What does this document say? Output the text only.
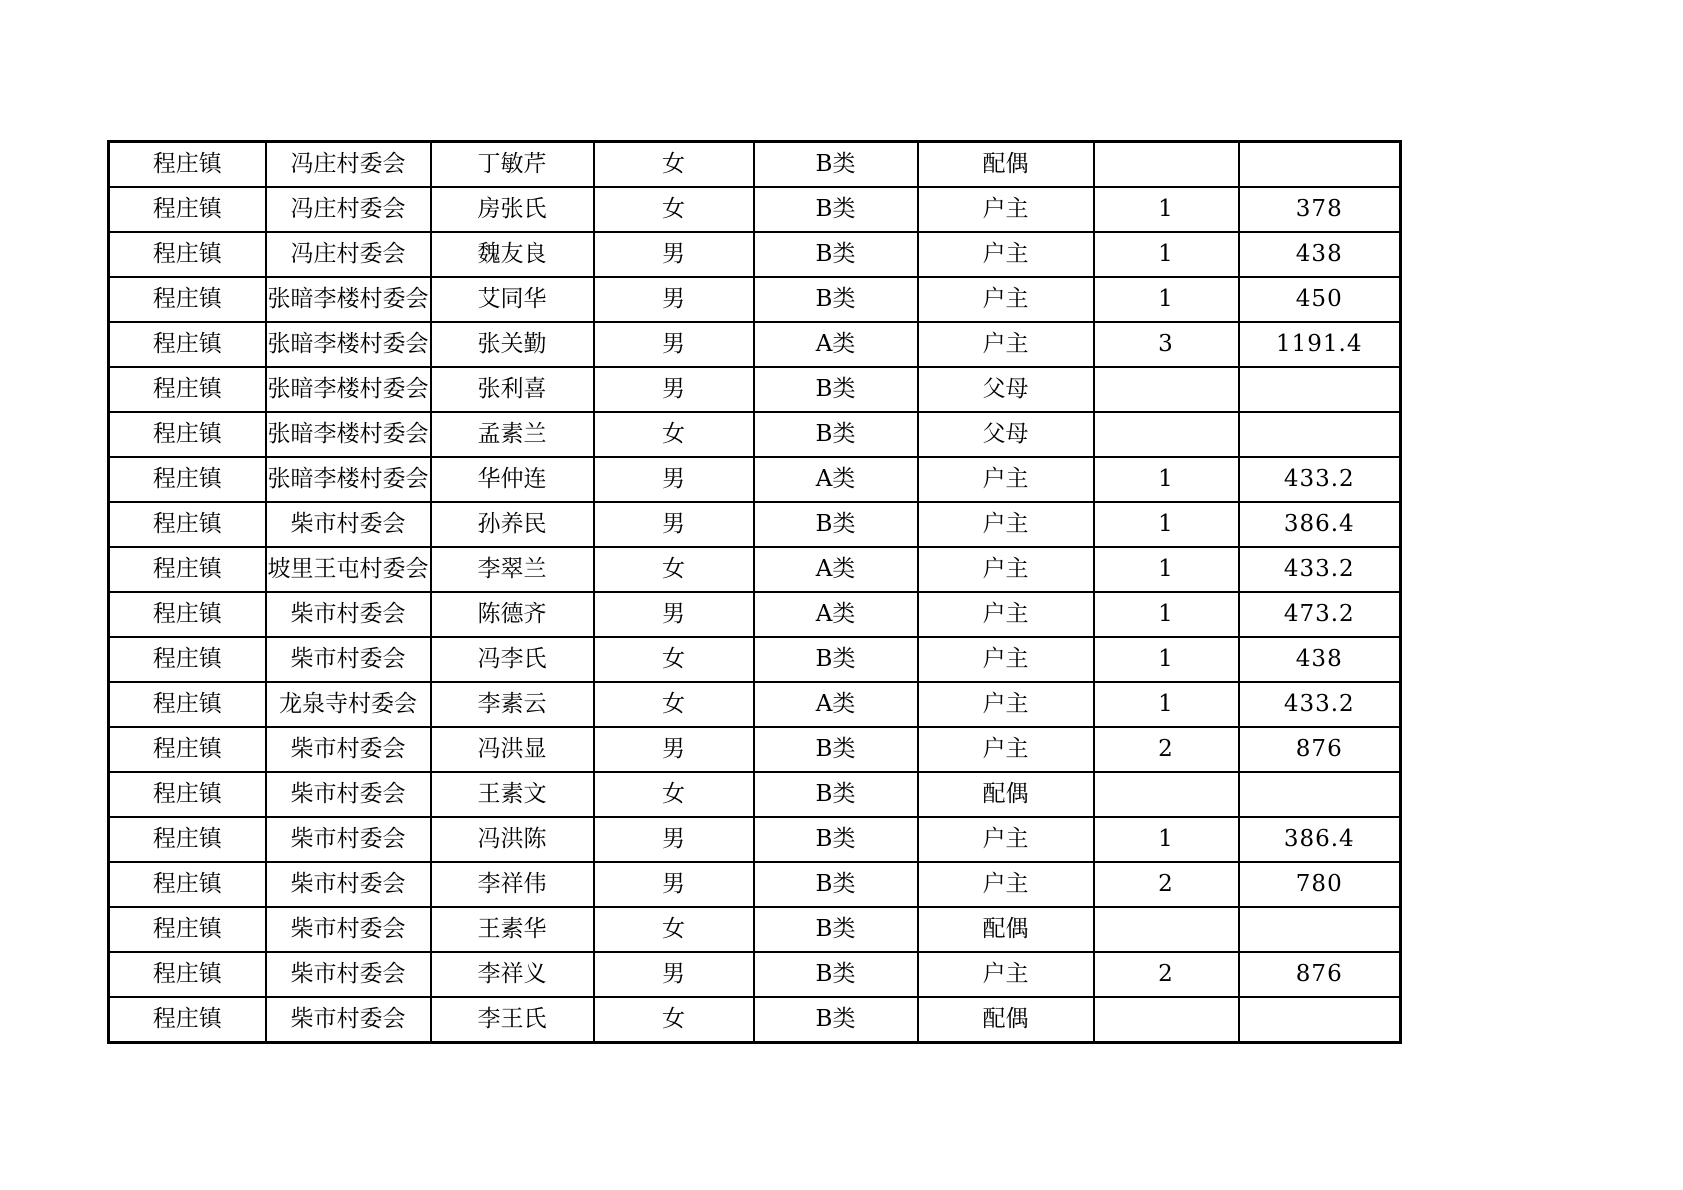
程庄镇	冯庄村委会	丁敏芹	女	B类	配偶		
程庄镇	冯庄村委会	房张氏	女	B类	户主	1	378
程庄镇	冯庄村委会	魏友良	男	B类	户主	1	438
程庄镇	张暗李楼村委会	艾同华	男	B类	户主	1	450
程庄镇	张暗李楼村委会	张关勤	男	A类	户主	3	1191.4
程庄镇	张暗李楼村委会	张利喜	男	B类	父母		
程庄镇	张暗李楼村委会	孟素兰	女	B类	父母		
程庄镇	张暗李楼村委会	华仲连	男	A类	户主	1	433.2
程庄镇	柴市村委会	孙养民	男	B类	户主	1	386.4
程庄镇	坡里王屯村委会	李翠兰	女	A类	户主	1	433.2
程庄镇	柴市村委会	陈德齐	男	A类	户主	1	473.2
程庄镇	柴市村委会	冯李氏	女	B类	户主	1	438
程庄镇	龙泉寺村委会	李素云	女	A类	户主	1	433.2
程庄镇	柴市村委会	冯洪显	男	B类	户主	2	876
程庄镇	柴市村委会	王素文	女	B类	配偶		
程庄镇	柴市村委会	冯洪陈	男	B类	户主	1	386.4
程庄镇	柴市村委会	李祥伟	男	B类	户主	2	780
程庄镇	柴市村委会	王素华	女	B类	配偶		
程庄镇	柴市村委会	李祥义	男	B类	户主	2	876
程庄镇	柴市村委会	李王氏	女	B类	配偶		
